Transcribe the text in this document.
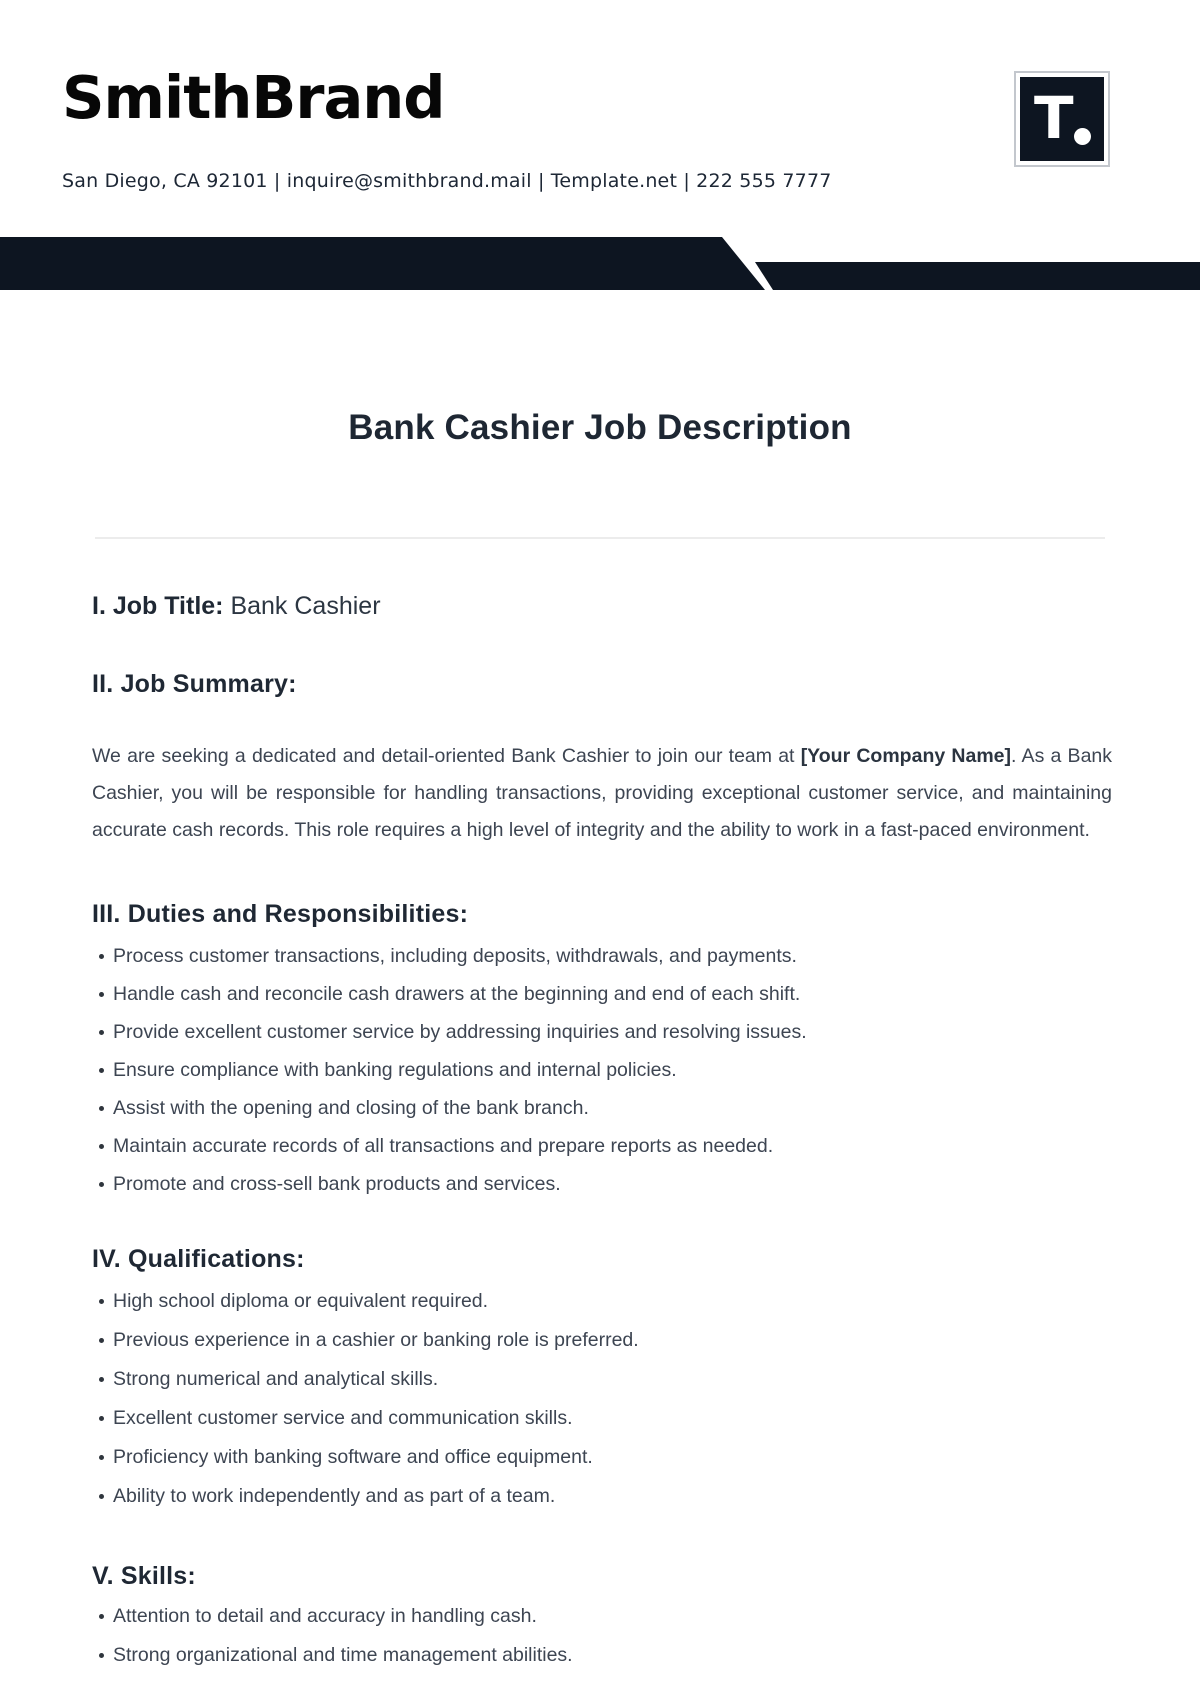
SmithBrand	T
San Diego, CA 92101 | inquire@smithbrand.mail | Template.net | 222 555 7777
Bank Cashier Job Description
I. Job Title: Bank Cashier
II. Job Summary:

We are seeking a dedicated and detail-oriented Bank Cashier to join our team at [Your Company Name]. As a Bank Cashier, you will be responsible for handling transactions, providing exceptional customer service, and maintaining accurate cash records. This role requires a high level of integrity and the ability to work in a fast-paced environment.

III. Duties and Responsibilities:
Process customer transactions, including deposits, withdrawals, and payments.
Handle cash and reconcile cash drawers at the beginning and end of each shift.
Provide excellent customer service by addressing inquiries and resolving issues.
Ensure compliance with banking regulations and internal policies.
Assist with the opening and closing of the bank branch.
Maintain accurate records of all transactions and prepare reports as needed.
Promote and cross-sell bank products and services.
IV. Qualifications:
High school diploma or equivalent required.
Previous experience in a cashier or banking role is preferred.
Strong numerical and analytical skills.
Excellent customer service and communication skills.
Proficiency with banking software and office equipment.
Ability to work independently and as part of a team.
V. Skills:
Attention to detail and accuracy in handling cash.
Strong organizational and time management abilities.
